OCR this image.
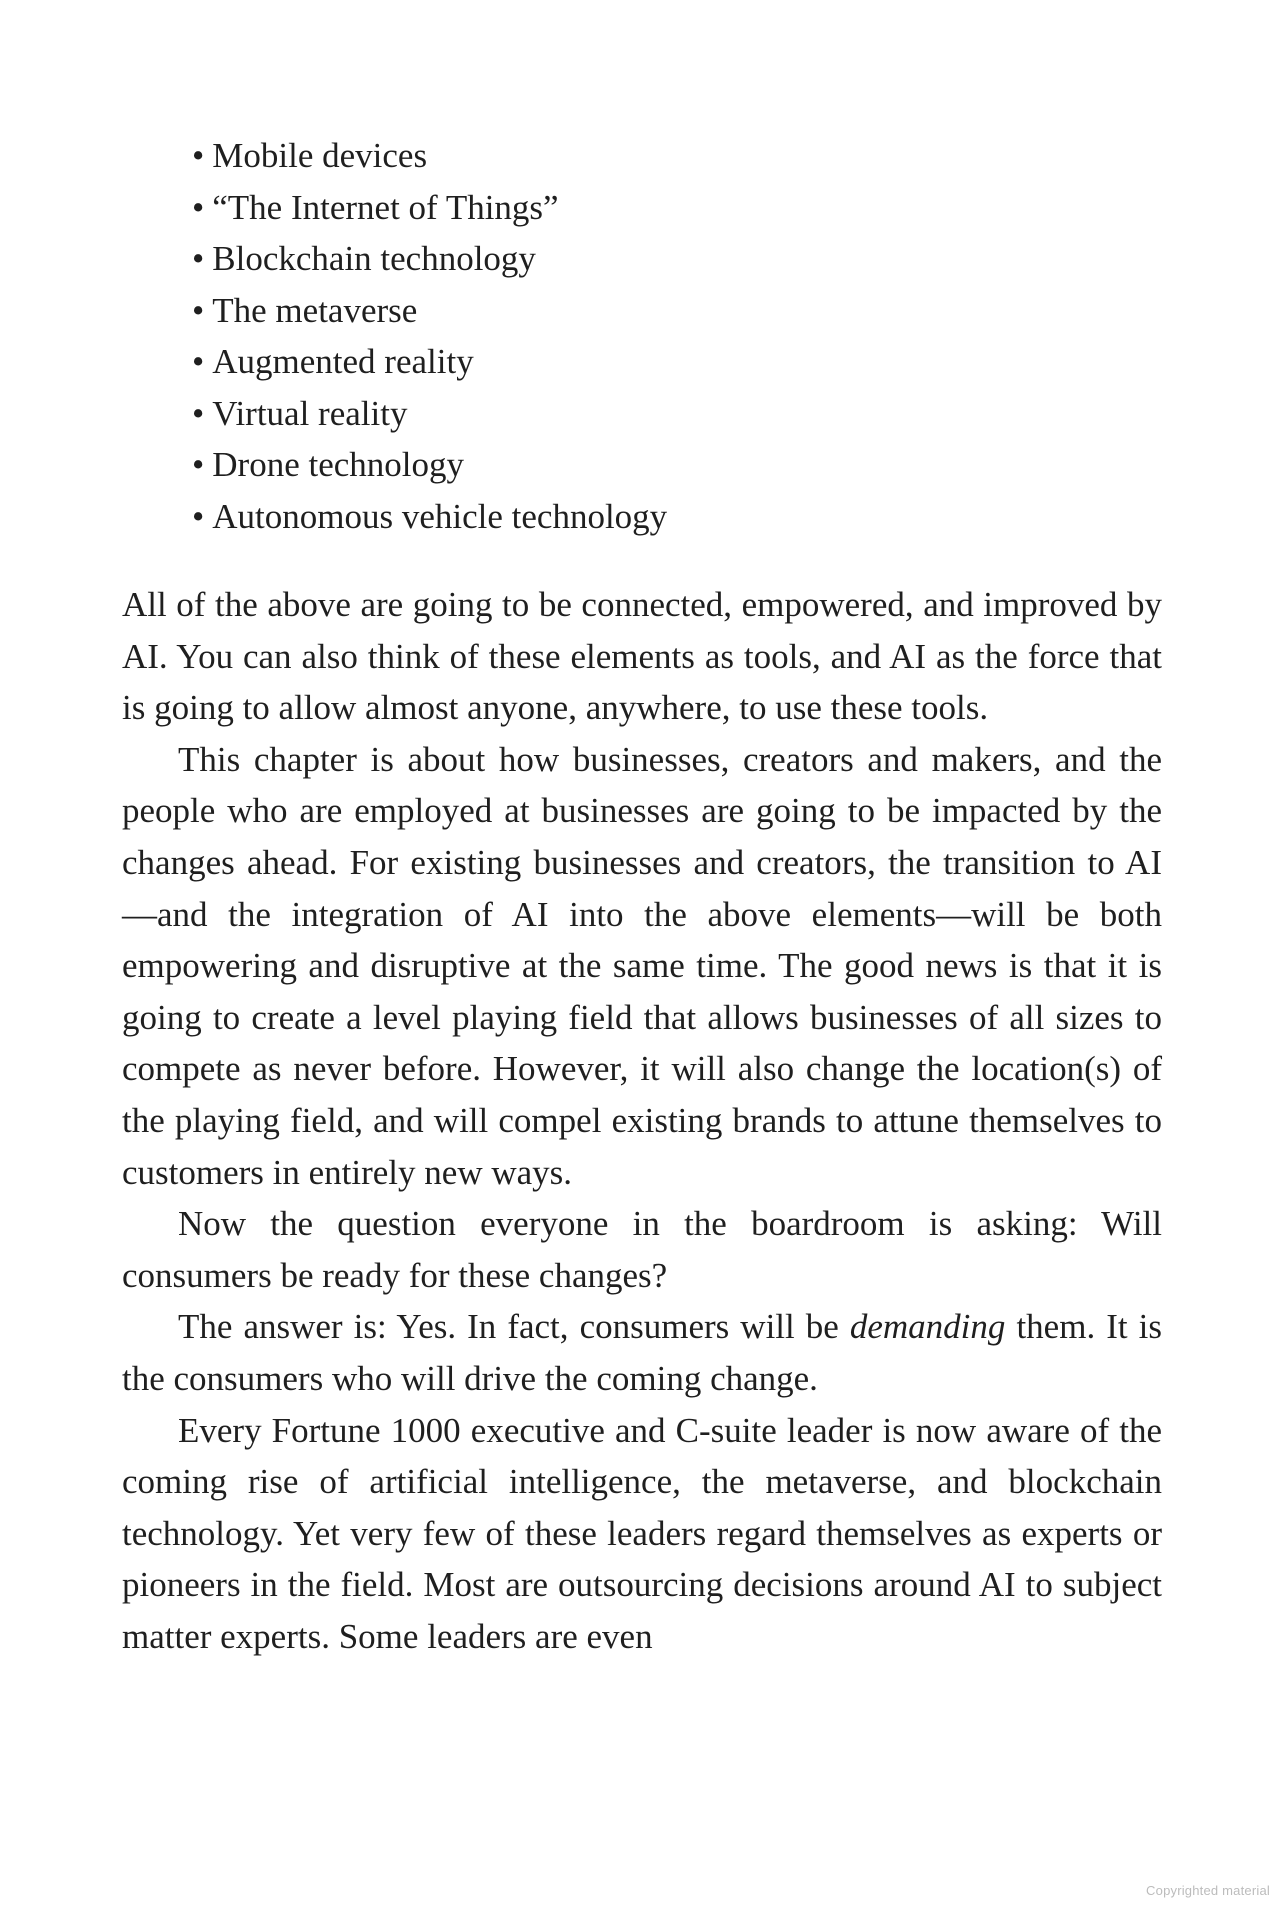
• Mobile devices
• “The Internet of Things”
• Blockchain technology
• The metaverse
• Augmented reality
• Virtual reality
• Drone technology
• Autonomous vehicle technology

All of the above are going to be connected, empowered, and improved by AI. You can also think of these elements as tools, and AI as the force that is going to allow almost anyone, anywhere, to use these tools.

This chapter is about how businesses, creators and makers, and the people who are employed at businesses are going to be impacted by the changes ahead. For existing businesses and creators, the transition to AI—and the integration of AI into the above elements—will be both empowering and disruptive at the same time. The good news is that it is going to create a level playing field that allows businesses of all sizes to compete as never before. However, it will also change the location(s) of the playing field, and will compel existing brands to attune themselves to customers in entirely new ways.

Now the question everyone in the boardroom is asking: Will consumers be ready for these changes?

The answer is: Yes. In fact, consumers will be demanding them. It is the consumers who will drive the coming change.

Every Fortune 1000 executive and C-suite leader is now aware of the coming rise of artificial intelligence, the metaverse, and blockchain technology. Yet very few of these leaders regard themselves as experts or pioneers in the field. Most are outsourcing decisions around AI to subject matter experts. Some leaders are even

Copyrighted material
